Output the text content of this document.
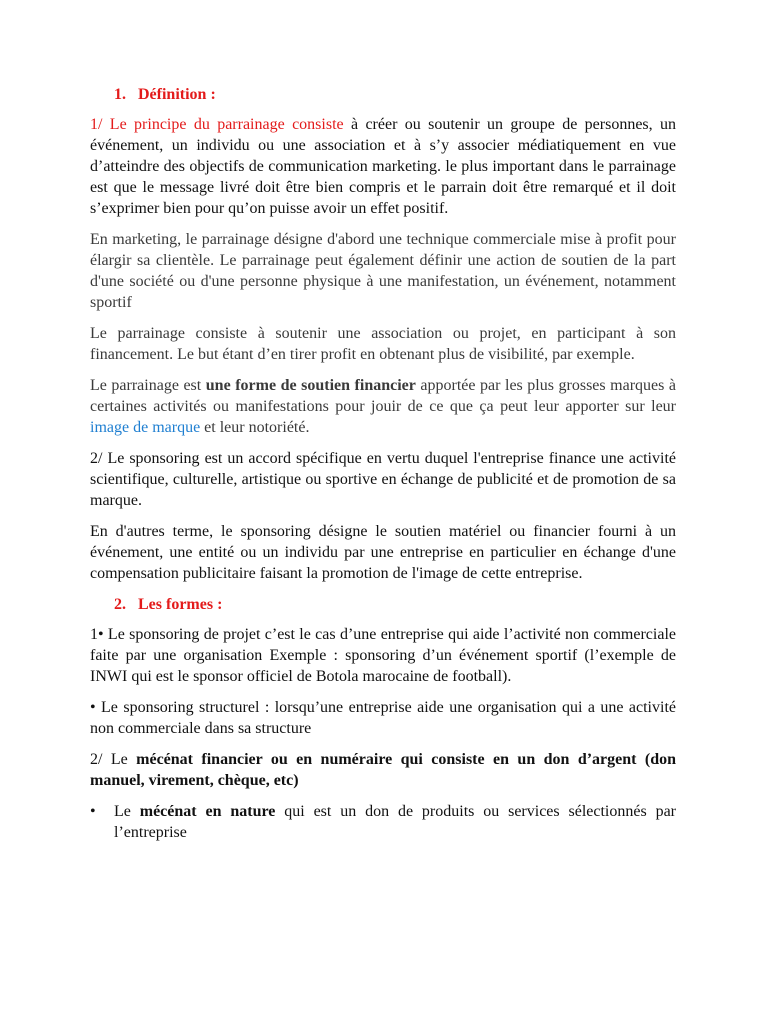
1. Définition :

1/ Le principe du parrainage consiste à créer ou soutenir un groupe de personnes, un événement, un individu ou une association et à s’y associer médiatiquement en vue d’atteindre des objectifs de communication marketing. le plus important dans le parrainage est que le message livré doit être bien compris et le parrain doit être remarqué et il doit s’exprimer bien pour qu’on puisse avoir un effet positif.

En marketing, le parrainage désigne d'abord une technique commerciale mise à profit pour élargir sa clientèle. Le parrainage peut également définir une action de soutien de la part d'une société ou d'une personne physique à une manifestation, un événement, notamment sportif

Le parrainage consiste à soutenir une association ou projet, en participant à son financement. Le but étant d’en tirer profit en obtenant plus de visibilité, par exemple.

Le parrainage est une forme de soutien financier apportée par les plus grosses marques à certaines activités ou manifestations pour jouir de ce que ça peut leur apporter sur leur image de marque et leur notoriété.

2/ Le sponsoring est un accord spécifique en vertu duquel l'entreprise finance une activité scientifique, culturelle, artistique ou sportive en échange de publicité et de promotion de sa marque.

En d'autres terme, le sponsoring désigne le soutien matériel ou financier fourni à un événement, une entité ou un individu par une entreprise en particulier en échange d'une compensation publicitaire faisant la promotion de l'image de cette entreprise.

2. Les formes :

1• Le sponsoring de projet c’est le cas d’une entreprise qui aide l’activité non commerciale faite par une organisation Exemple : sponsoring d’un événement sportif (l’exemple de INWI qui est le sponsor officiel de Botola marocaine de football).

• Le sponsoring structurel : lorsqu’une entreprise aide une organisation qui a une activité non commerciale dans sa structure

2/ Le mécénat financier ou en numéraire qui consiste en un don d’argent (don manuel, virement, chèque, etc)

•	Le mécénat en nature qui est un don de produits ou services sélectionnés par l’entreprise
